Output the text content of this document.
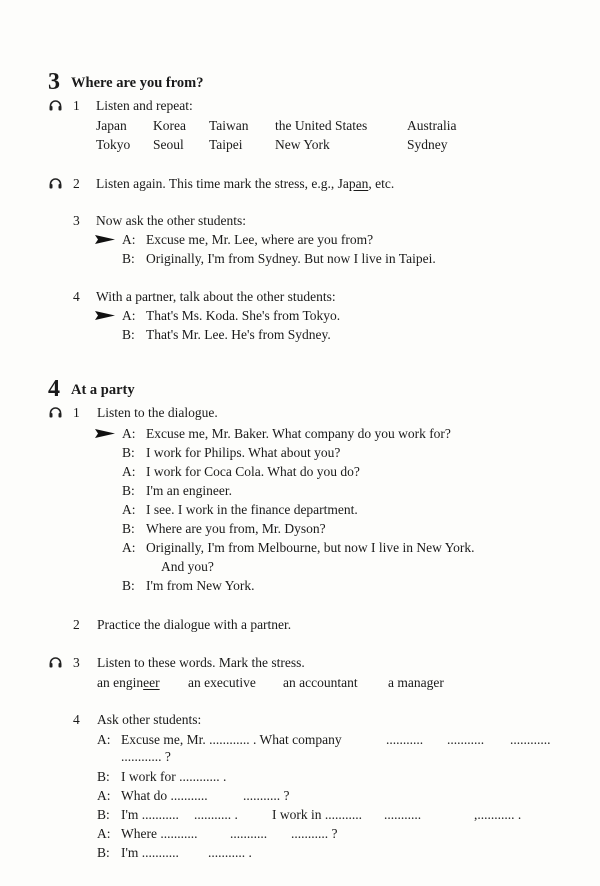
3 Where are you from?
1 Listen and repeat:
Japan Korea Taiwan the United States	Australia
Tokyo Seoul Taipei New York	Sydney
2 Listen again. This time mark the stress, e.g., Japan, etc.
3 Now ask the other students:
A: Excuse me, Mr. Lee, where are you from?
B: Originally, I'm from Sydney. But now I live in Taipei.
4 With a partner, talk about the other students:
A: That's Ms. Koda. She's from Tokyo.
B: That's Mr. Lee. He's from Sydney.
4 At a party
1 Listen to the dialogue.
A: Excuse me, Mr. Baker. What company do you work for?
B: I work for Philips. What about you?
A: I work for Coca Cola. What do you do?
B: I'm an engineer.
A: I see. I work in the finance department.
B: Where are you from, Mr. Dyson?
A: Originally, I'm from Melbourne, but now I live in New York.
And you?
B: I'm from New York.
2 Practice the dialogue with a partner.
3 Listen to these words. Mark the stress.
an engineer an executive an accountant a manager
4 Ask other students:
A: Excuse me, Mr. ............ . What company	........... ........... ............
............ ?
B: I work for ............ .
A: What do ...........	........... ?
B: I'm ........... ........... .	I work in ........... ...........	,........... .
A: Where ........... ........... ........... ?
B: I'm ........... ........... .
